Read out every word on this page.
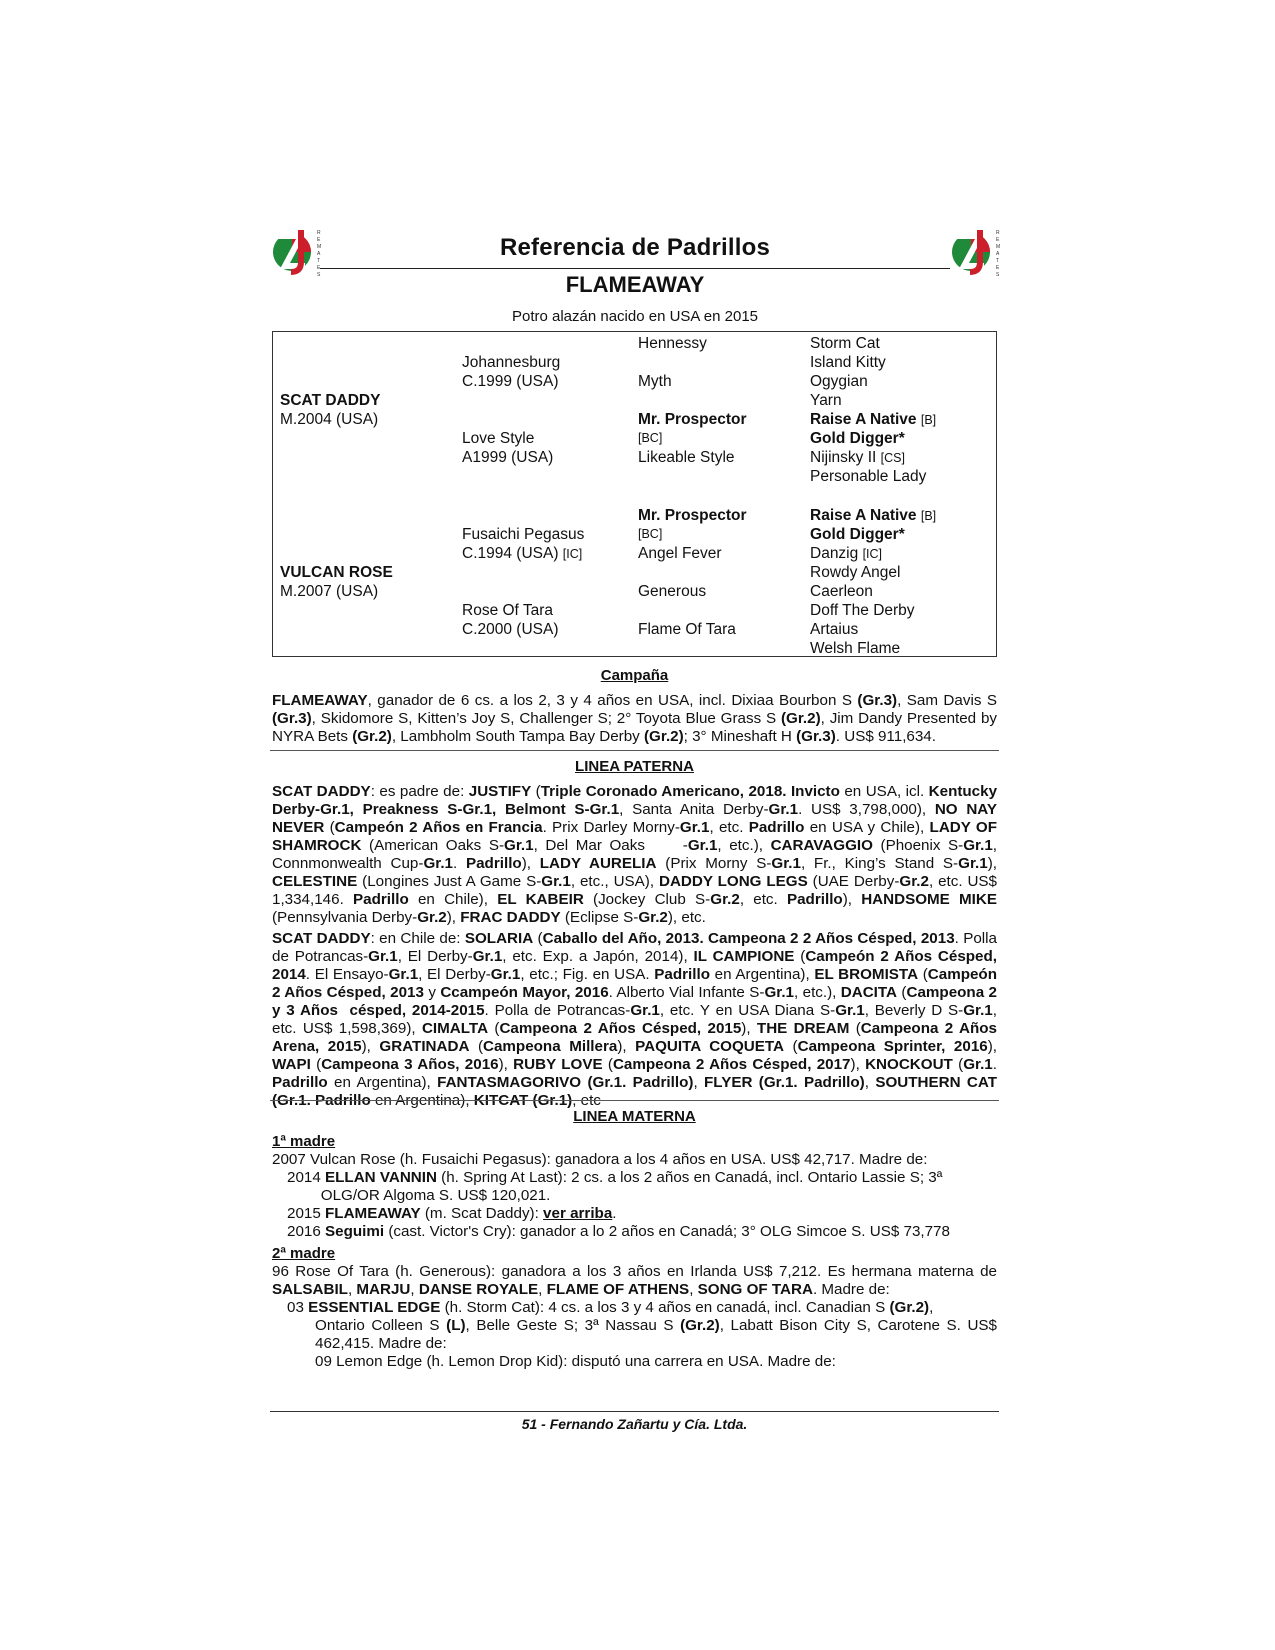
R
E
M
A
T
E
S
R
E
M
A
T
E
S
Referencia de Padrillos
FLAMEAWAY
Potro alazán nacido en USA en 2015
SCAT DADDY
M.2004 (USA)
VULCAN ROSE
M.2007 (USA)
Johannesburg
C.1999 (USA)
Love Style
A1999 (USA)
Fusaichi Pegasus
C.1994 (USA) [IC]
Rose Of Tara
C.2000 (USA)
Hennessy
Myth
Mr. Prospector
[BC]
Likeable Style
Mr. Prospector
[BC]
Angel Fever
Generous
Flame Of Tara
Storm Cat
Island Kitty
Ogygian
Yarn
Raise A Native [B]
Gold Digger*
Nijinsky II [CS]
Personable Lady
Raise A Native [B]
Gold Digger*
Danzig [IC]
Rowdy Angel
Caerleon
Doff The Derby
Artaius
Welsh Flame
Campaña
FLAMEAWAY, ganador de 6 cs. a los 2, 3 y 4 años en USA, incl. Dixiaa Bourbon S (Gr.3), Sam Davis S (Gr.3), Skidomore S, Kitten’s Joy S, Challenger S; 2° Toyota Blue Grass S (Gr.2), Jim Dandy Presented by NYRA Bets (Gr.2), Lambholm South Tampa Bay Derby (Gr.2); 3° Mineshaft H (Gr.3). US$ 911,634.
LINEA PATERNA
SCAT DADDY: es padre de: JUSTIFY (Triple Coronado Americano, 2018. Invicto en USA, icl. Kentucky Derby-Gr.1, Preakness S-Gr.1, Belmont S-Gr.1, Santa Anita Derby-Gr.1. US$ 3,798,000), NO NAY NEVER (Campeón 2 Años en Francia. Prix Darley Morny-Gr.1, etc. Padrillo en USA y Chile), LADY OF SHAMROCK (American Oaks S-Gr.1, Del Mar Oaks     -Gr.1, etc.), CARAVAGGIO (Phoenix S-Gr.1, Connmonwealth Cup-Gr.1. Padrillo), LADY AURELIA (Prix Morny S-Gr.1, Fr., King’s Stand S-Gr.1), CELESTINE (Longines Just A Game S-Gr.1, etc., USA), DADDY LONG LEGS (UAE Derby-Gr.2, etc. US$ 1,334,146. Padrillo en Chile), EL KABEIR (Jockey Club S-Gr.2, etc. Padrillo), HANDSOME MIKE (Pennsylvania Derby-Gr.2), FRAC DADDY (Eclipse S-Gr.2), etc.
SCAT DADDY: en Chile de: SOLARIA (Caballo del Año, 2013. Campeona 2 2 Años Césped, 2013. Polla de Potrancas-Gr.1, El Derby-Gr.1, etc. Exp. a Japón, 2014), IL CAMPIONE (Campeón 2 Años Césped, 2014. El Ensayo-Gr.1, El Derby-Gr.1, etc.; Fig. en USA. Padrillo en Argentina), EL BROMISTA (Campeón 2 Años Césped, 2013 y Ccampeón Mayor, 2016. Alberto Vial Infante S-Gr.1, etc.), DACITA (Campeona 2 y 3 Años  césped, 2014-2015. Polla de Potrancas-Gr.1, etc. Y en USA Diana S-Gr.1, Beverly D S-Gr.1, etc. US$ 1,598,369), CIMALTA (Campeona 2 Años Césped, 2015), THE DREAM (Campeona 2 Años Arena, 2015), GRATINADA (Campeona Millera), PAQUITA COQUETA (Campeona Sprinter, 2016), WAPI (Campeona 3 Años, 2016), RUBY LOVE (Campeona 2 Años Césped, 2017), KNOCKOUT (Gr.1. Padrillo en Argentina), FANTASMAGORIVO (Gr.1. Padrillo), FLYER (Gr.1. Padrillo), SOUTHERN CAT (Gr.1. Padrillo en Argentina), KITCAT (Gr.1), etc
LINEA MATERNA
1ª madre
2007 Vulcan Rose (h. Fusaichi Pegasus): ganadora a los 4 años en USA. US$ 42,717. Madre de:
2014 ELLAN VANNIN (h. Spring At Last): 2 cs. a los 2 años en Canadá, incl. Ontario Lassie S; 3ª
OLG/OR Algoma S. US$ 120,021.
2015 FLAMEAWAY (m. Scat Daddy): ver arriba.
2016 Seguimi (cast. Victor's Cry): ganador a lo 2 años en Canadá; 3° OLG Simcoe S. US$ 73,778
2ª madre
96 Rose Of Tara (h. Generous): ganadora a los 3 años en Irlanda US$ 7,212. Es hermana materna de SALSABIL, MARJU, DANSE ROYALE, FLAME OF ATHENS, SONG OF TARA. Madre de:
03 ESSENTIAL EDGE (h. Storm Cat): 4 cs. a los 3 y 4 años en canadá, incl. Canadian S (Gr.2),
Ontario Colleen S (L), Belle Geste S; 3ª Nassau S (Gr.2), Labatt Bison City S, Carotene S. US$ 462,415. Madre de:
09 Lemon Edge (h. Lemon Drop Kid): disputó una carrera en USA. Madre de:
51 - Fernando Zañartu y Cía. Ltda.
